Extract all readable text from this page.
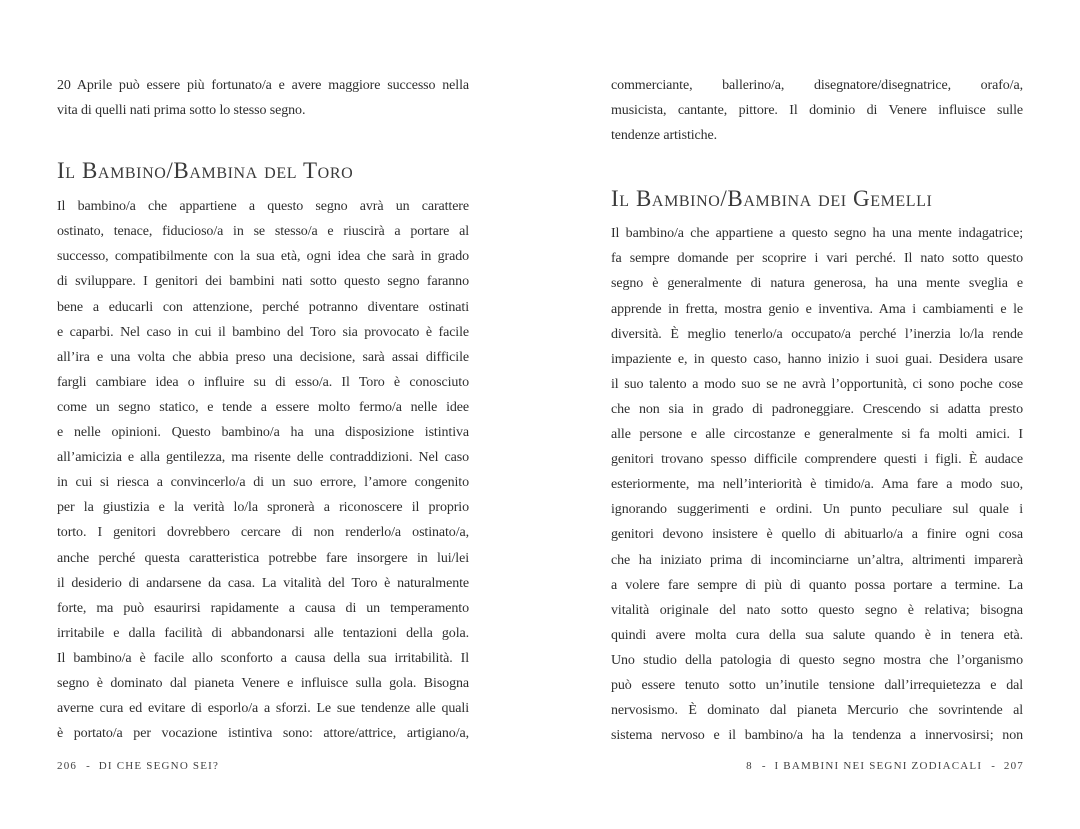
20 Aprile può essere più fortunato/a e avere maggiore successo nella
vita di quelli nati prima sotto lo stesso segno.
Il Bambino/Bambina del Toro
Il bambino/a che appartiene a questo segno avrà un carattere
ostinato, tenace, fiducioso/a in se stesso/a e riuscirà a portare al
successo, compatibilmente con la sua età, ogni idea che sarà in grado
di sviluppare. I genitori dei bambini nati sotto questo segno faranno
bene a educarli con attenzione, perché potranno diventare ostinati
e caparbi. Nel caso in cui il bambino del Toro sia provocato è facile
all’ira e una volta che abbia preso una decisione, sarà assai difficile
fargli cambiare idea o influire su di esso/a. Il Toro è conosciuto
come un segno statico, e tende a essere molto fermo/a nelle idee
e nelle opinioni. Questo bambino/a ha una disposizione istintiva
all’amicizia e alla gentilezza, ma risente delle contraddizioni. Nel caso
in cui si riesca a convincerlo/a di un suo errore, l’amore congenito
per la giustizia e la verità lo/la spronerà a riconoscere il proprio
torto. I genitori dovrebbero cercare di non renderlo/a ostinato/a,
anche perché questa caratteristica potrebbe fare insorgere in lui/lei
il desiderio di andarsene da casa. La vitalità del Toro è naturalmente
forte, ma può esaurirsi rapidamente a causa di un temperamento
irritabile e dalla facilità di abbandonarsi alle tentazioni della gola.
Il bambino/a è facile allo sconforto a causa della sua irritabilità. Il
segno è dominato dal pianeta Venere e influisce sulla gola. Bisogna
averne cura ed evitare di esporlo/a a sforzi. Le sue tendenze alle quali
è portato/a per vocazione istintiva sono: attore/attrice, artigiano/a,
commerciante, ballerino/a, disegnatore/disegnatrice, orafo/a,
musicista, cantante, pittore. Il dominio di Venere influisce sulle
tendenze artistiche.
Il Bambino/Bambina dei Gemelli
Il bambino/a che appartiene a questo segno ha una mente indagatrice;
fa sempre domande per scoprire i vari perché. Il nato sotto questo
segno è generalmente di natura generosa, ha una mente sveglia e
apprende in fretta, mostra genio e inventiva. Ama i cambiamenti e le
diversità. È meglio tenerlo/a occupato/a perché l’inerzia lo/la rende
impaziente e, in questo caso, hanno inizio i suoi guai. Desidera usare
il suo talento a modo suo se ne avrà l’opportunità, ci sono poche cose
che non sia in grado di padroneggiare. Crescendo si adatta presto
alle persone e alle circostanze e generalmente si fa molti amici. I
genitori trovano spesso difficile comprendere questi i figli. È audace
esteriormente, ma nell’interiorità è timido/a. Ama fare a modo suo,
ignorando suggerimenti e ordini. Un punto peculiare sul quale i
genitori devono insistere è quello di abituarlo/a a finire ogni cosa
che ha iniziato prima di incominciarne un’altra, altrimenti imparerà
a volere fare sempre di più di quanto possa portare a termine. La
vitalità originale del nato sotto questo segno è relativa; bisogna
quindi avere molta cura della sua salute quando è in tenera età.
Uno studio della patologia di questo segno mostra che l’organismo
può essere tenuto sotto un’inutile tensione dall’irrequietezza e dal
nervosismo. È dominato dal pianeta Mercurio che sovrintende al
sistema nervoso e il bambino/a ha la tendenza a innervosirsi; non
206 - DI CHE SEGNO SEI?	8 - I BAMBINI NEI SEGNI ZODIACALI - 207
